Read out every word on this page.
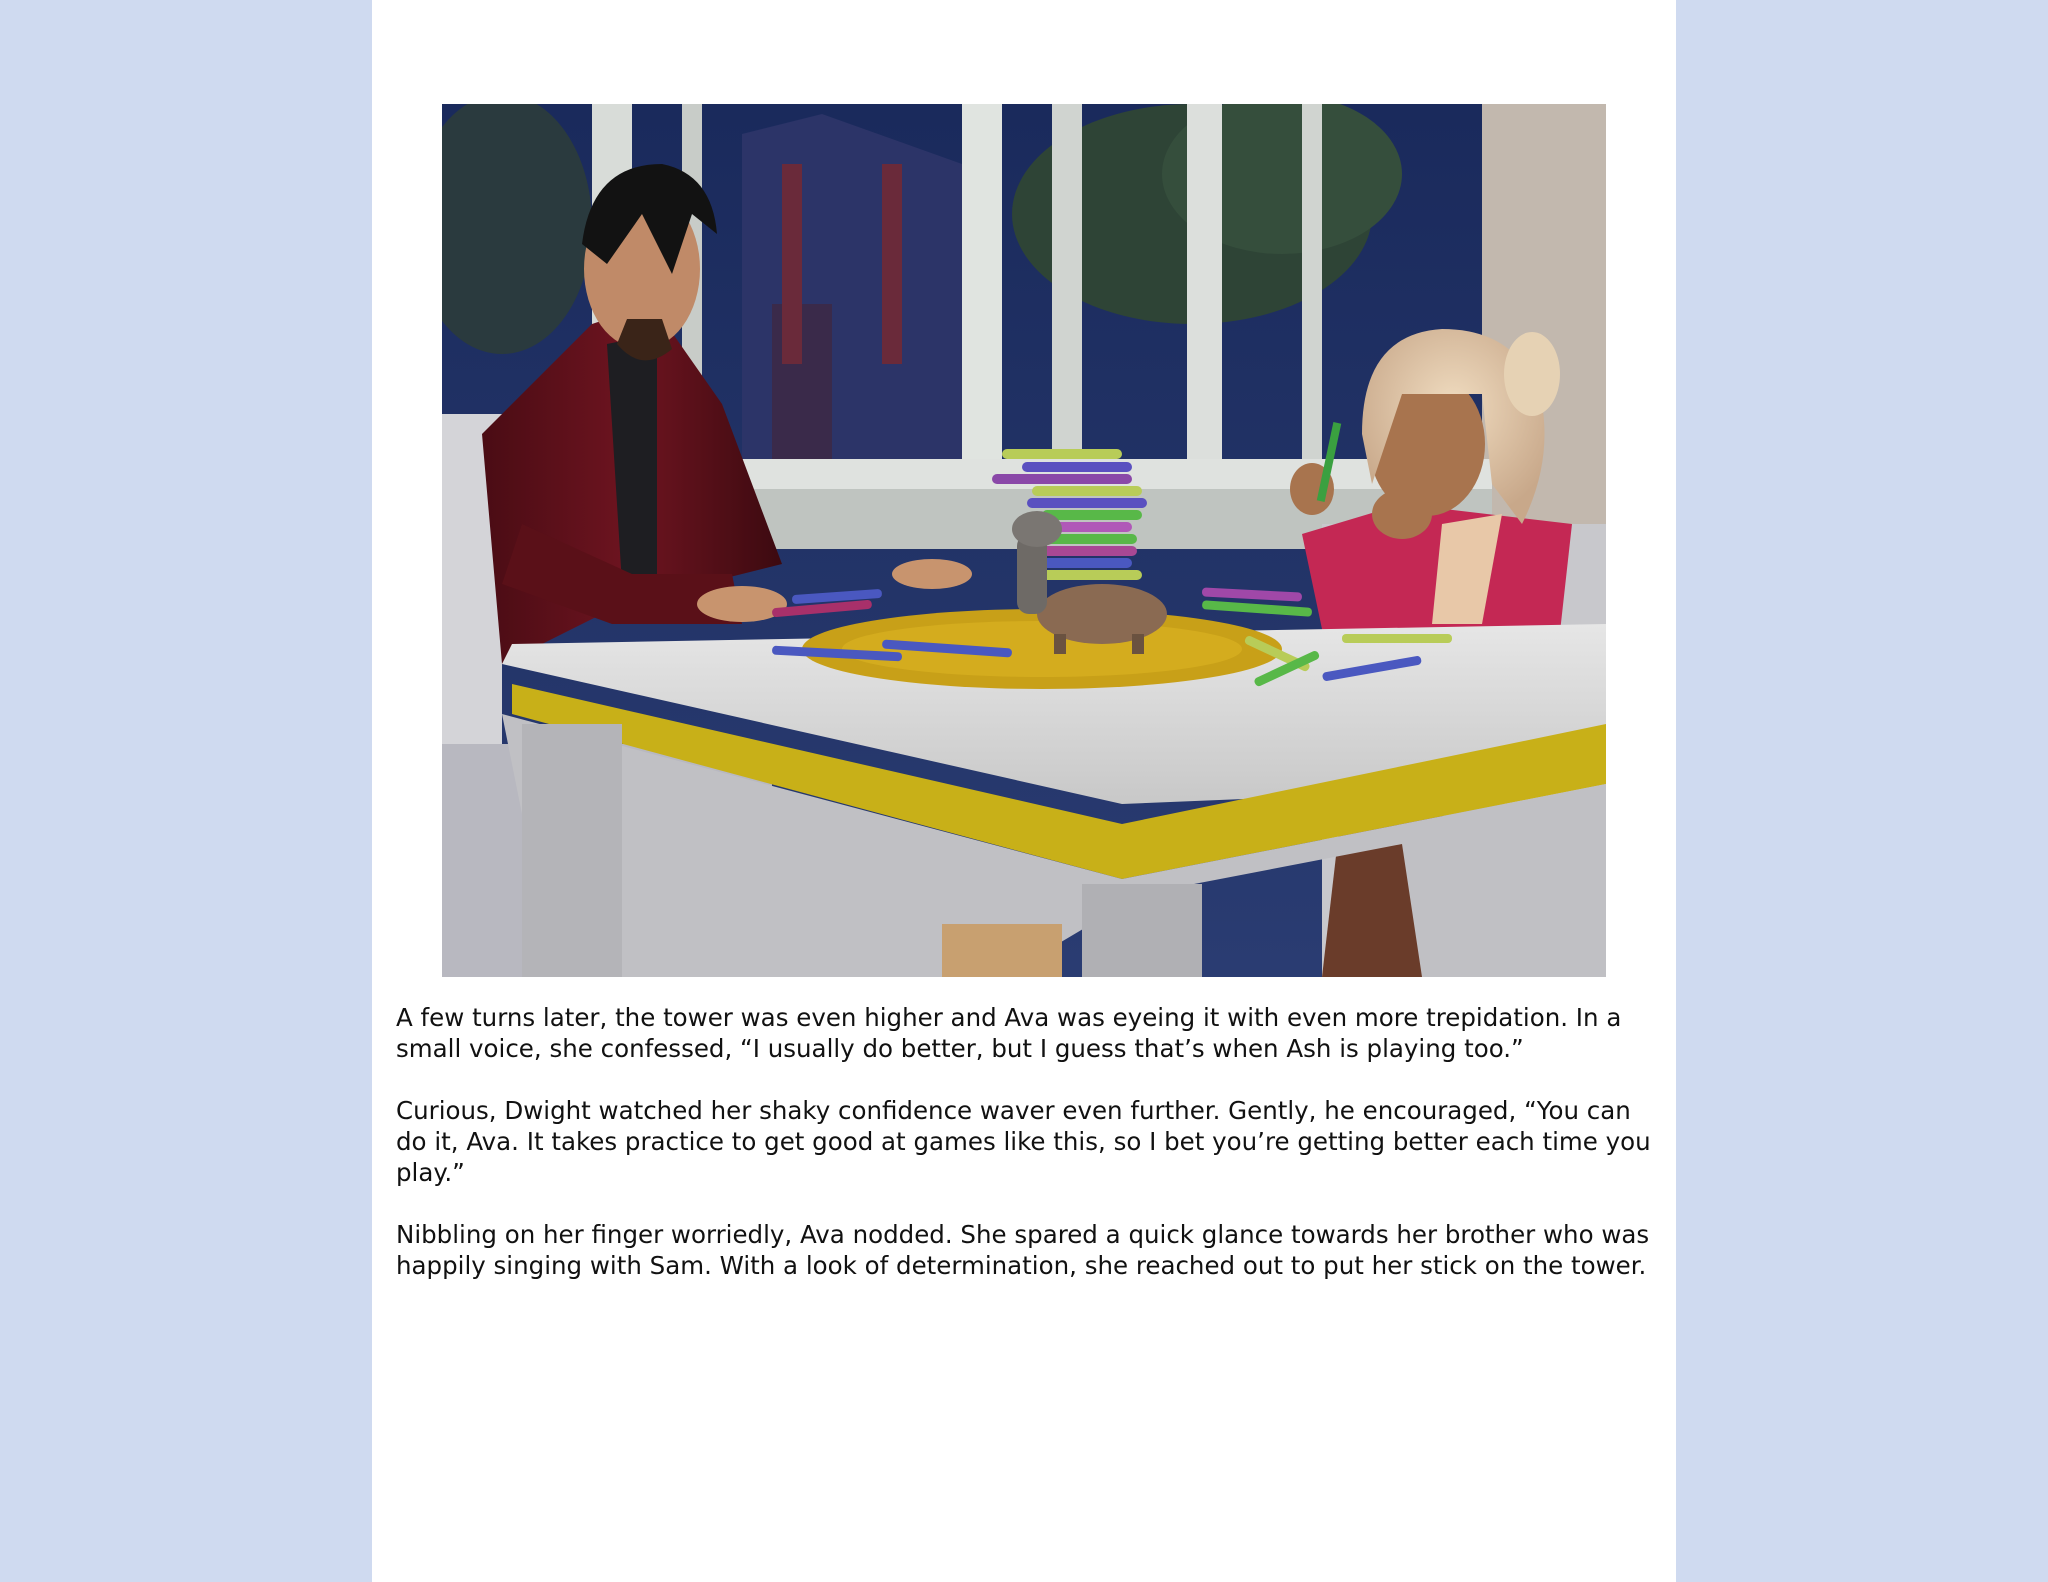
A few turns later, the tower was even higher and Ava was eyeing it with even more trepidation. In a small voice, she confessed, “I usually do better, but I guess that’s when Ash is playing too.”

Curious, Dwight watched her shaky confidence waver even further. Gently, he encouraged, “You can do it, Ava. It takes practice to get good at games like this, so I bet you’re getting better each time you play.”

Nibbling on her finger worriedly, Ava nodded. She spared a quick glance towards her brother who was happily singing with Sam. With a look of determination, she reached out to put her stick on the tower.
